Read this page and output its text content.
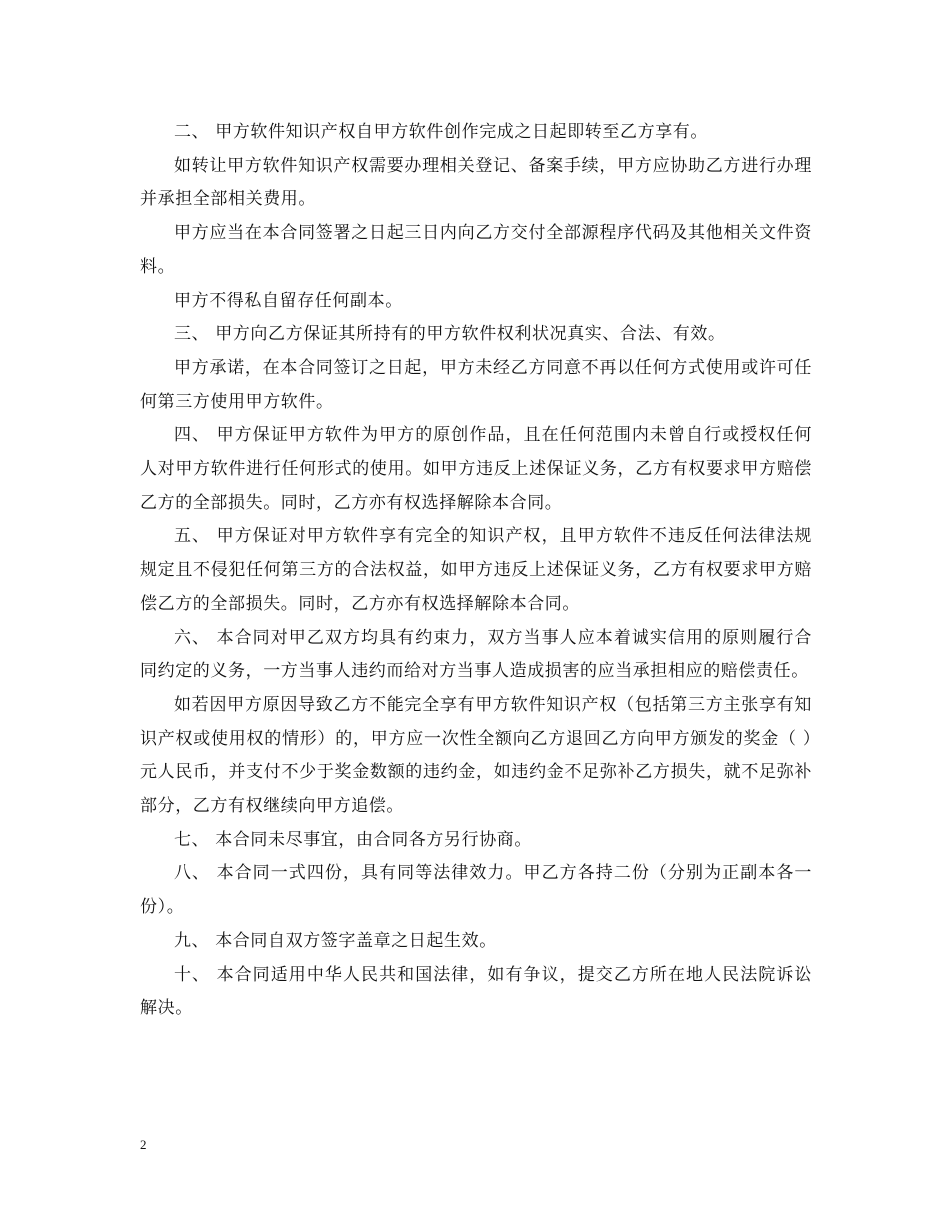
二、 甲方软件知识产权自甲方软件创作完成之日起即转至乙方享有。

如转让甲方软件知识产权需要办理相关登记、备案手续，甲方应协助乙方进行办理并承担全部相关费用。

甲方应当在本合同签署之日起三日内向乙方交付全部源程序代码及其他相关文件资料。

甲方不得私自留存任何副本。

三、 甲方向乙方保证其所持有的甲方软件权利状况真实、合法、有效。

甲方承诺，在本合同签订之日起，甲方未经乙方同意不再以任何方式使用或许可任何第三方使用甲方软件。

四、 甲方保证甲方软件为甲方的原创作品，且在任何范围内未曾自行或授权任何人对甲方软件进行任何形式的使用。如甲方违反上述保证义务，乙方有权要求甲方赔偿乙方的全部损失。同时，乙方亦有权选择解除本合同。

五、 甲方保证对甲方软件享有完全的知识产权，且甲方软件不违反任何法律法规规定且不侵犯任何第三方的合法权益，如甲方违反上述保证义务，乙方有权要求甲方赔偿乙方的全部损失。同时，乙方亦有权选择解除本合同。

六、 本合同对甲乙双方均具有约束力，双方当事人应本着诚实信用的原则履行合同约定的义务，一方当事人违约而给对方当事人造成损害的应当承担相应的赔偿责任。

如若因甲方原因导致乙方不能完全享有甲方软件知识产权（包括第三方主张享有知识产权或使用权的情形）的，甲方应一次性全额向乙方退回乙方向甲方颁发的奖金（ ）元人民币，并支付不少于奖金数额的违约金，如违约金不足弥补乙方损失，就不足弥补部分，乙方有权继续向甲方追偿。

七、 本合同未尽事宜，由合同各方另行协商。

八、 本合同一式四份，具有同等法律效力。甲乙方各持二份（分别为正副本各一份）。

九、 本合同自双方签字盖章之日起生效。

十、 本合同适用中华人民共和国法律，如有争议，提交乙方所在地人民法院诉讼解决。

2
